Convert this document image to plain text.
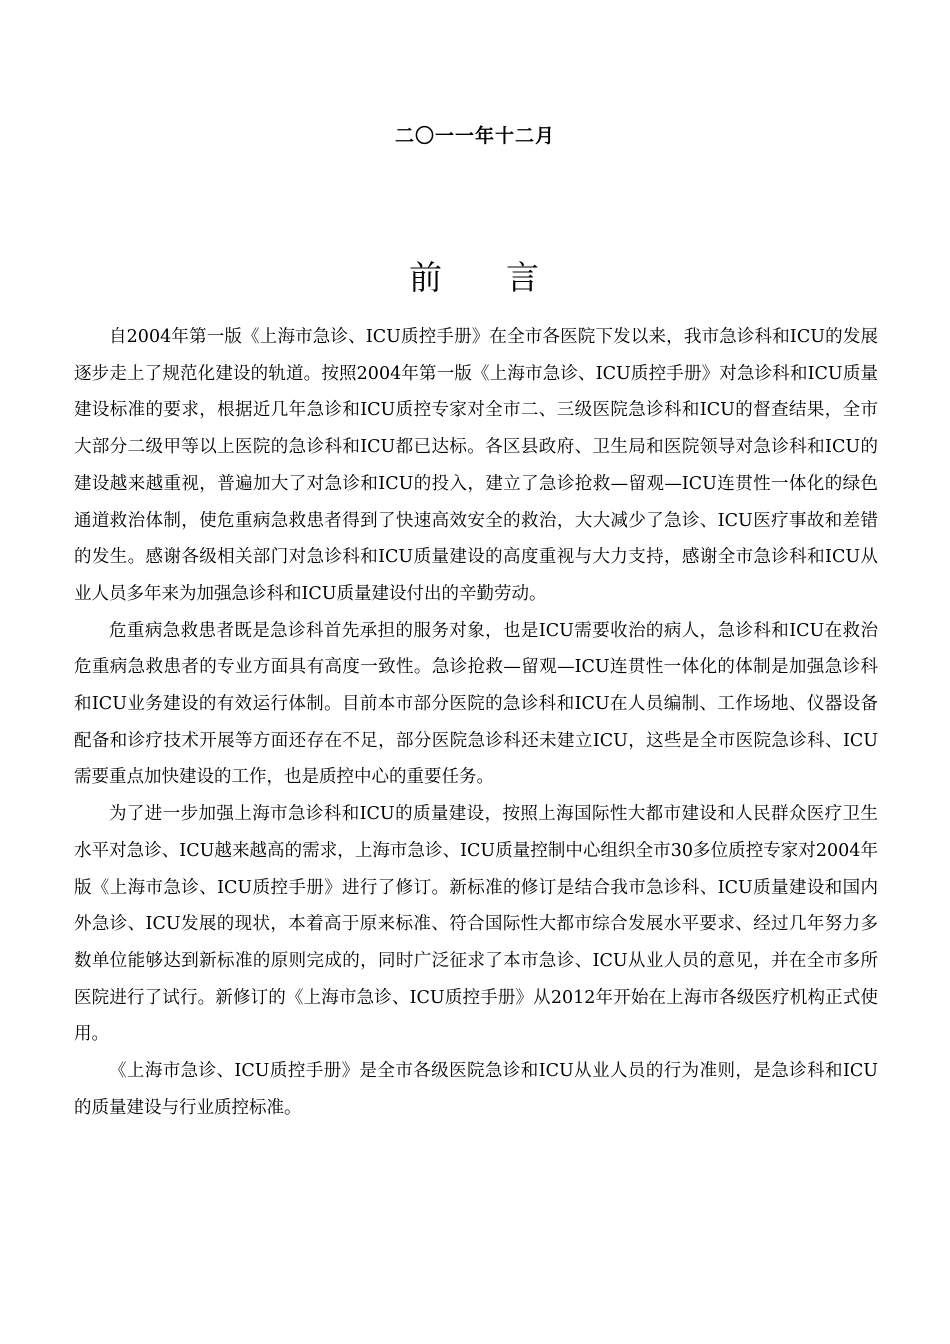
二〇一一年十二月
前 言

自2004年第一版《上海市急诊、ICU质控手册》在全市各医院下发以来，我市急诊科和ICU的发展逐步走上了规范化建设的轨道。按照2004年第一版《上海市急诊、ICU质控手册》对急诊科和ICU质量建设标准的要求，根据近几年急诊和ICU质控专家对全市二、三级医院急诊科和ICU的督查结果，全市大部分二级甲等以上医院的急诊科和ICU都已达标。各区县政府、卫生局和医院领导对急诊科和ICU的建设越来越重视，普遍加大了对急诊和ICU的投入，建立了急诊抢救—留观—ICU连贯性一体化的绿色通道救治体制，使危重病急救患者得到了快速高效安全的救治，大大减少了急诊、ICU医疗事故和差错的发生。感谢各级相关部门对急诊科和ICU质量建设的高度重视与大力支持，感谢全市急诊科和ICU从业人员多年来为加强急诊科和ICU质量建设付出的辛勤劳动。

危重病急救患者既是急诊科首先承担的服务对象，也是ICU需要收治的病人，急诊科和ICU在救治危重病急救患者的专业方面具有高度一致性。急诊抢救—留观—ICU连贯性一体化的体制是加强急诊科和ICU业务建设的有效运行体制。目前本市部分医院的急诊科和ICU在人员编制、工作场地、仪器设备配备和诊疗技术开展等方面还存在不足，部分医院急诊科还未建立ICU，这些是全市医院急诊科、ICU需要重点加快建设的工作，也是质控中心的重要任务。

为了进一步加强上海市急诊科和ICU的质量建设，按照上海国际性大都市建设和人民群众医疗卫生水平对急诊、ICU越来越高的需求，上海市急诊、ICU质量控制中心组织全市30多位质控专家对2004年版《上海市急诊、ICU质控手册》进行了修订。新标准的修订是结合我市急诊科、ICU质量建设和国内外急诊、ICU发展的现状，本着高于原来标准、符合国际性大都市综合发展水平要求、经过几年努力多数单位能够达到新标准的原则完成的，同时广泛征求了本市急诊、ICU从业人员的意见，并在全市多所医院进行了试行。新修订的《上海市急诊、ICU质控手册》从2012年开始在上海市各级医疗机构正式使用。

《上海市急诊、ICU质控手册》是全市各级医院急诊和ICU从业人员的行为准则，是急诊科和ICU的质量建设与行业质控标准。
